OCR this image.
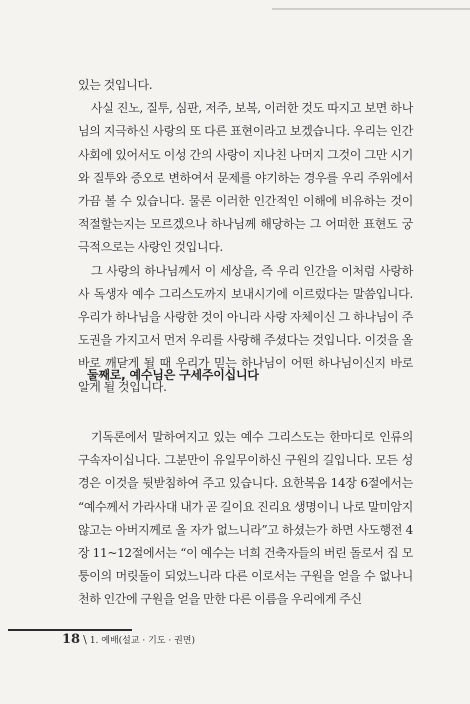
있는 것입니다.

사실 진노, 질투, 심판, 저주, 보복, 이러한 것도 따지고 보면 하나님의 지극하신 사랑의 또 다른 표현이라고 보겠습니다. 우리는 인간사회에 있어서도 이성 간의 사랑이 지나친 나머지 그것이 그만 시기와 질투와 증오로 변하여서 문제를 야기하는 경우를 우리 주위에서 가끔 볼 수 있습니다. 물론 이러한 인간적인 이해에 비유하는 것이 적절할는지는 모르겠으나 하나님께 해당하는 그 어떠한 표현도 궁극적으로는 사랑인 것입니다.

그 사랑의 하나님께서 이 세상을, 즉 우리 인간을 이처럼 사랑하사 독생자 예수 그리스도까지 보내시기에 이르렀다는 말씀입니다. 우리가 하나님을 사랑한 것이 아니라 사랑 자체이신 그 하나님이 주도권을 가지고서 먼저 우리를 사랑해 주셨다는 것입니다. 이것을 올바로 깨닫게 될 때 우리가 믿는 하나님이 어떤 하나님이신지 바로 알게 될 것입니다.

둘째로, 예수님은 구세주이십니다

기독론에서 말하여지고 있는 예수 그리스도는 한마디로 인류의 구속자이십니다. 그분만이 유일무이하신 구원의 길입니다. 모든 성경은 이것을 뒷받침하여 주고 있습니다. 요한복음 14장 6절에서는 “예수께서 가라사대 내가 곧 길이요 진리요 생명이니 나로 말미암지 않고는 아버지께로 올 자가 없느니라”고 하셨는가 하면 사도행전 4장 11~12절에서는 “이 예수는 너희 건축자들의 버린 돌로서 집 모퉁이의 머릿돌이 되었느니라 다른 이로서는 구원을 얻을 수 없나니 천하 인간에 구원을 얻을 만한 다른 이름을 우리에게 주신

18 \ 1. 예배(설교 · 기도 · 권면)
